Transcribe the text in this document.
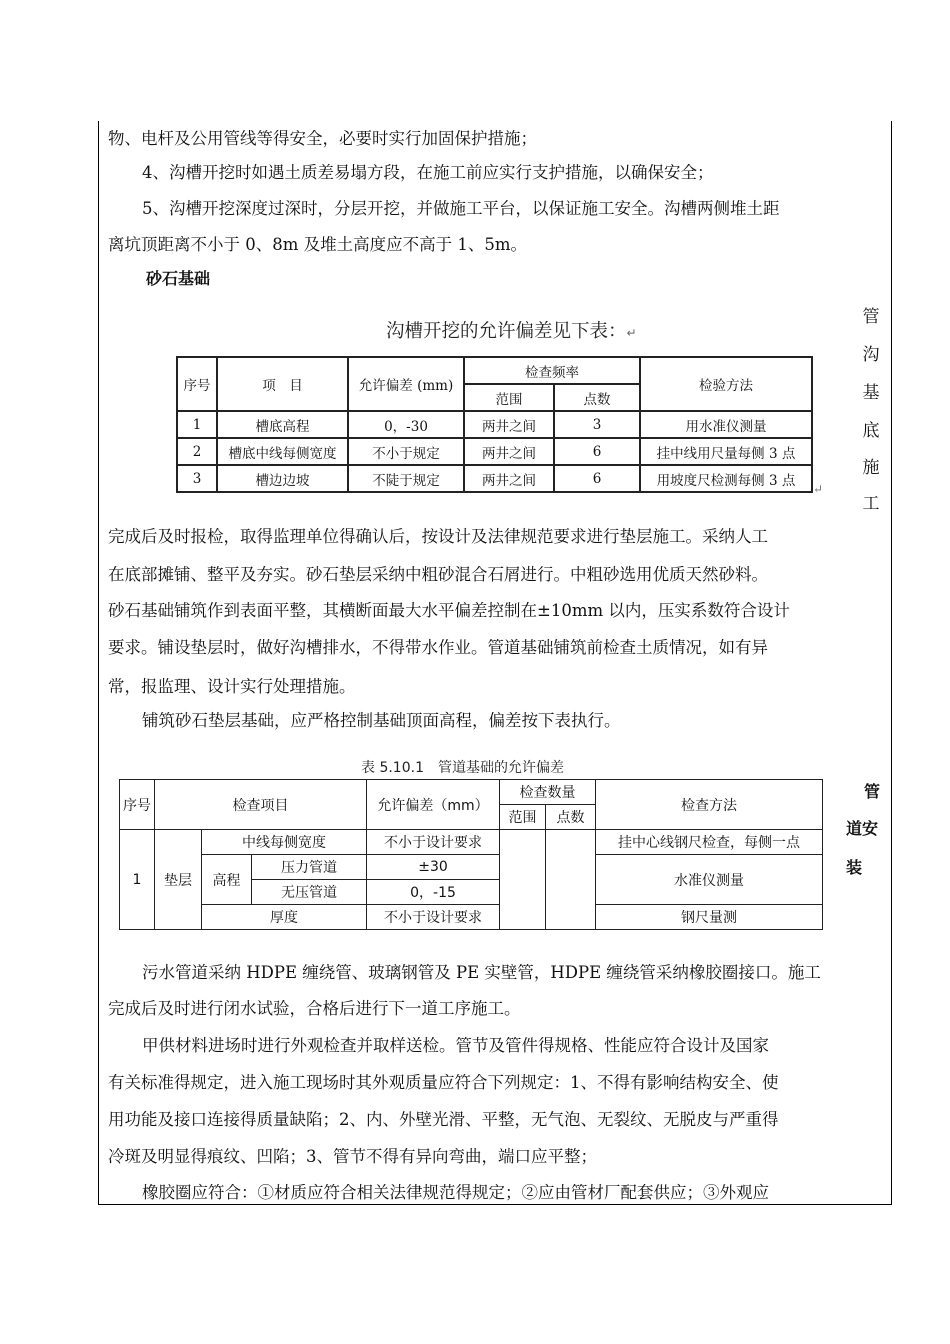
物、电杆及公用管线等得安全，必要时实行加固保护措施；
4、沟槽开挖时如遇土质差易塌方段，在施工前应实行支护措施，以确保安全；
5、沟槽开挖深度过深时，分层开挖，并做施工平台，以保证施工安全。沟槽两侧堆土距
离坑顶距离不小于 0、8m 及堆土高度应不高于 1、5m。
砂石基础
沟槽开挖的允许偏差见下表：↵
序号	项　目	允许偏差 (mm)	检查频率		检验方法
			范围	点数	
1	槽底高程	0，-30	两井之间	3	用水准仪测量
2	槽底中线每侧宽度	不小于规定	两井之间	6	挂中线用尺量每侧 3 点
3	槽边边坡	不陡于规定	两井之间	6	用坡度尺检测每侧 3 点
↵
管
沟
基
底
施
工
完成后及时报检，取得监理单位得确认后，按设计及法律规范要求进行垫层施工。采纳人工
在底部摊铺、整平及夯实。砂石垫层采纳中粗砂混合石屑进行。中粗砂选用优质天然砂料。
砂石基础铺筑作到表面平整，其横断面最大水平偏差控制在±10mm 以内，压实系数符合设计
要求。铺设垫层时，做好沟槽排水，不得带水作业。管道基础铺筑前检查土质情况，如有异
常，报监理、设计实行处理措施。
铺筑砂石垫层基础，应严格控制基础顶面高程，偏差按下表执行。
表 5.10.1　管道基础的允许偏差
序号	检查项目			允许偏差（mm）	检查数量		检查方法
					范围	点数	
1	垫层	中线每侧宽度		不小于设计要求			挂中心线钢尺检查，每侧一点
		高程	压力管道	±30			水准仪测量
			无压管道	0，-15			
		厚度		不小于设计要求			钢尺量测
管
道安
装
污水管道采纳 HDPE 缠绕管、玻璃钢管及 PE 实壁管，HDPE 缠绕管采纳橡胶圈接口。施工
完成后及时进行闭水试验，合格后进行下一道工序施工。
甲供材料进场时进行外观检查并取样送检。管节及管件得规格、性能应符合设计及国家
有关标准得规定，进入施工现场时其外观质量应符合下列规定：1、不得有影响结构安全、使
用功能及接口连接得质量缺陷；2、内、外壁光滑、平整，无气泡、无裂纹、无脱皮与严重得
冷斑及明显得痕纹、凹陷；3、管节不得有异向弯曲，端口应平整；
橡胶圈应符合：①材质应符合相关法律规范得规定；②应由管材厂配套供应；③外观应
